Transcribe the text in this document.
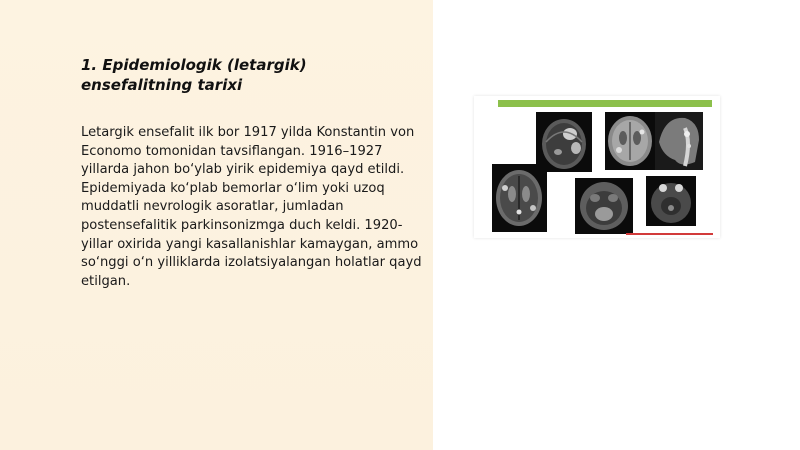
1. Epidemiologik (letargik) ensefalitning tarixi
Letargik ensefalit ilk bor 1917 yilda Konstantin von Economo tomonidan tavsiflangan. 1916–1927 yillarda jahon bo‘ylab yirik epidemiya qayd etildi. Epidemiyada ko‘plab bemorlar o‘lim yoki uzoq muddatli nevrologik asoratlar, jumladan postensefalitik parkinsonizmga duch keldi. 1920-yillar oxirida yangi kasallanishlar kamaygan, ammo so‘nggi o‘n yilliklarda izolatsiyalangan holatlar qayd etilgan.
